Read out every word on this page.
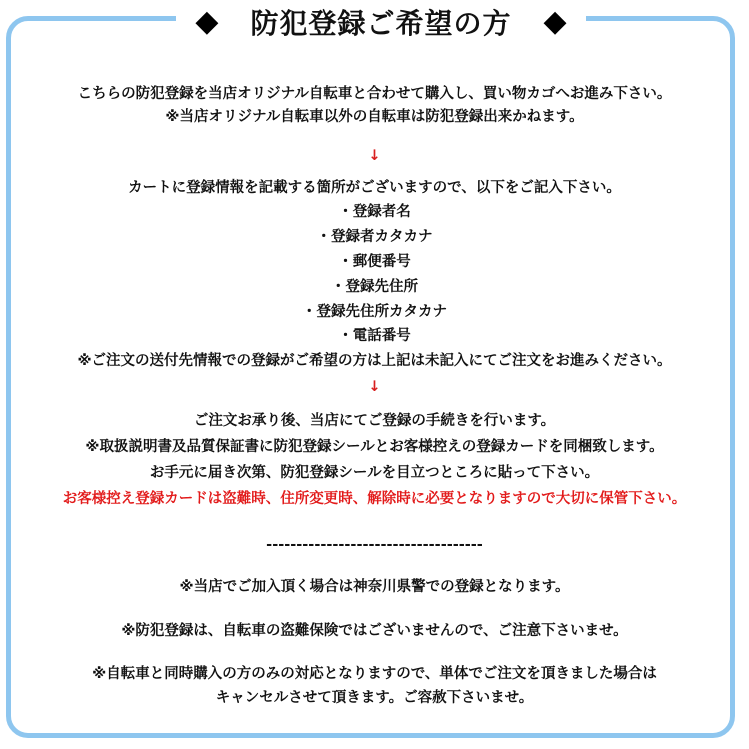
◆ 防犯登録ご希望の方 ◆
こちらの防犯登録を当店オリジナル自転車と合わせて購入し、買い物カゴへお進み下さい。
※当店オリジナル自転車以外の自転車は防犯登録出来かねます。
↓
カートに登録情報を記載する箇所がございますので、以下をご記入下さい。
・登録者名
・登録者カタカナ
・郵便番号
・登録先住所
・登録先住所カタカナ
・電話番号
※ご注文の送付先情報での登録がご希望の方は上記は未記入にてご注文をお進みください。
↓
ご注文お承り後、当店にてご登録の手続きを行います。
※取扱説明書及品質保証書に防犯登録シールとお客様控えの登録カードを同梱致します。
お手元に届き次第、防犯登録シールを目立つところに貼って下さい。
お客様控え登録カードは盗難時、住所変更時、解除時に必要となりますので大切に保管下さい。
------------------------------------
※当店でご加入頂く場合は神奈川県警での登録となります。
※防犯登録は、自転車の盗難保険ではございませんので、ご注意下さいませ。
※自転車と同時購入の方のみの対応となりますので、単体でご注文を頂きました場合は
キャンセルさせて頂きます。ご容赦下さいませ。
